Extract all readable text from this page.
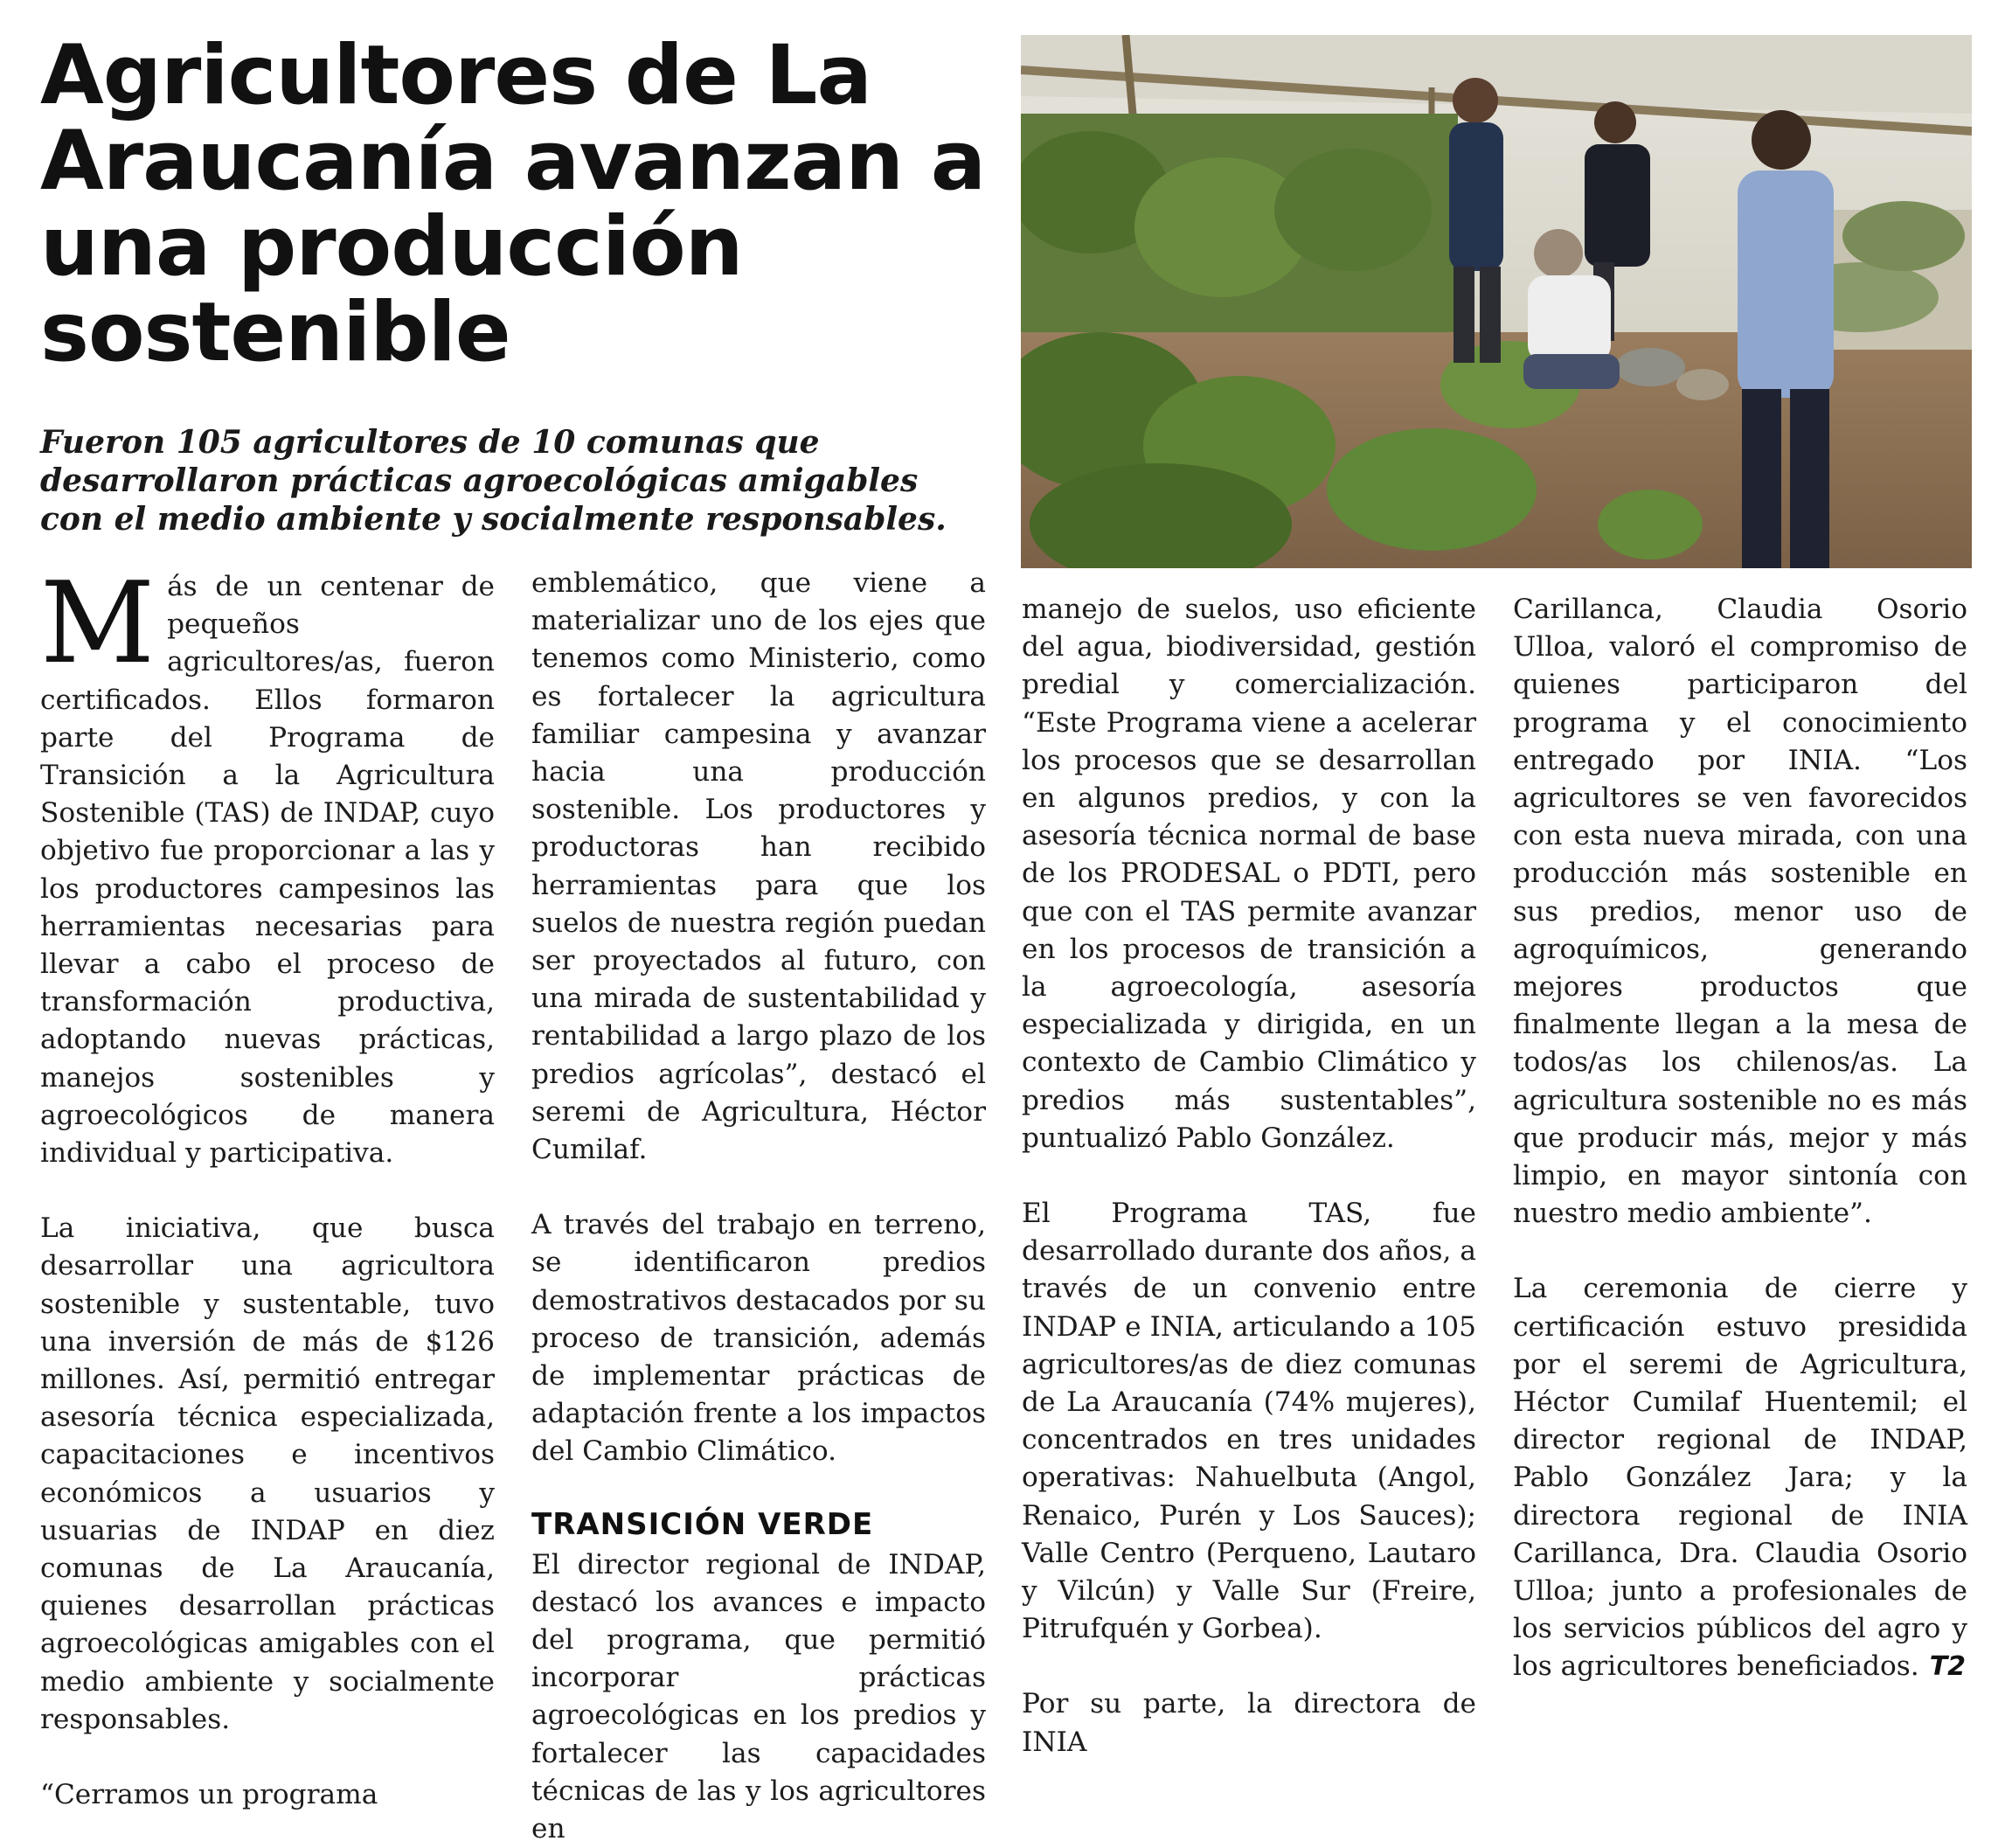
Agricultores de La Araucanía avanzan a una producción sostenible

Fueron 105 agricultores de 10 comunas que desarrollaron prácticas agroecológicas amigables con el medio ambiente y socialmente responsables.

Más de un centenar de pequeños agricultores/as, fueron certificados. Ellos formaron parte del Programa de Transición a la Agricultura Sostenible (TAS) de INDAP, cuyo objetivo fue proporcionar a las y los productores campesinos las herramientas necesarias para llevar a cabo el proceso de transformación productiva, adoptando nuevas prácticas, manejos sostenibles y agroecológicos de manera individual y participativa.

La iniciativa, que busca desarrollar una agricultora sostenible y sustentable, tuvo una inversión de más de $126 millones. Así, permitió entregar asesoría técnica especializada, capacitaciones e incentivos económicos a usuarios y usuarias de INDAP en diez comunas de La Araucanía, quienes desarrollan prácticas agroecológicas amigables con el medio ambiente y socialmente responsables.

“Cerramos un programa

emblemático, que viene a materializar uno de los ejes que tenemos como Ministerio, como es fortalecer la agricultura familiar campesina y avanzar hacia una producción sostenible. Los productores y productoras han recibido herramientas para que los suelos de nuestra región puedan ser proyectados al futuro, con una mirada de sustentabilidad y rentabilidad a largo plazo de los predios agrícolas”, destacó el seremi de Agricultura, Héctor Cumilaf.

A través del trabajo en terreno, se identificaron predios demostrativos destacados por su proceso de transición, además de implementar prácticas de adaptación frente a los impactos del Cambio Climático.

TRANSICIÓN VERDE

El director regional de INDAP, destacó los avances e impacto del programa, que permitió incorporar prácticas agroecológicas en los predios y fortalecer las capacidades técnicas de las y los agricultores en

manejo de suelos, uso eficiente del agua, biodiversidad, gestión predial y comercialización. “Este Programa viene a acelerar los procesos que se desarrollan en algunos predios, y con la asesoría técnica normal de base de los PRODESAL o PDTI, pero que con el TAS permite avanzar en los procesos de transición a la agroecología, asesoría especializada y dirigida, en un contexto de Cambio Climático y predios más sustentables”, puntualizó Pablo González.

El Programa TAS, fue desarrollado durante dos años, a través de un convenio entre INDAP e INIA, articulando a 105 agricultores/as de diez comunas de La Araucanía (74% mujeres), concentrados en tres unidades operativas: Nahuelbuta (Angol, Renaico, Purén y Los Sauces); Valle Centro (Perqueno, Lautaro y Vilcún) y Valle Sur (Freire, Pitrufquén y Gorbea).

Por su parte, la directora de INIA

Carillanca, Claudia Osorio Ulloa, valoró el compromiso de quienes participaron del programa y el conocimiento entregado por INIA. “Los agricultores se ven favorecidos con esta nueva mirada, con una producción más sostenible en sus predios, menor uso de agroquímicos, generando mejores productos que finalmente llegan a la mesa de todos/as los chilenos/as. La agricultura sostenible no es más que producir más, mejor y más limpio, en mayor sintonía con nuestro medio ambiente”.

La ceremonia de cierre y certificación estuvo presidida por el seremi de Agricultura, Héctor Cumilaf Huentemil; el director regional de INDAP, Pablo González Jara; y la directora regional de INIA Carillanca, Dra. Claudia Osorio Ulloa; junto a profesionales de los servicios públicos del agro y los agricultores beneficiados. T2
